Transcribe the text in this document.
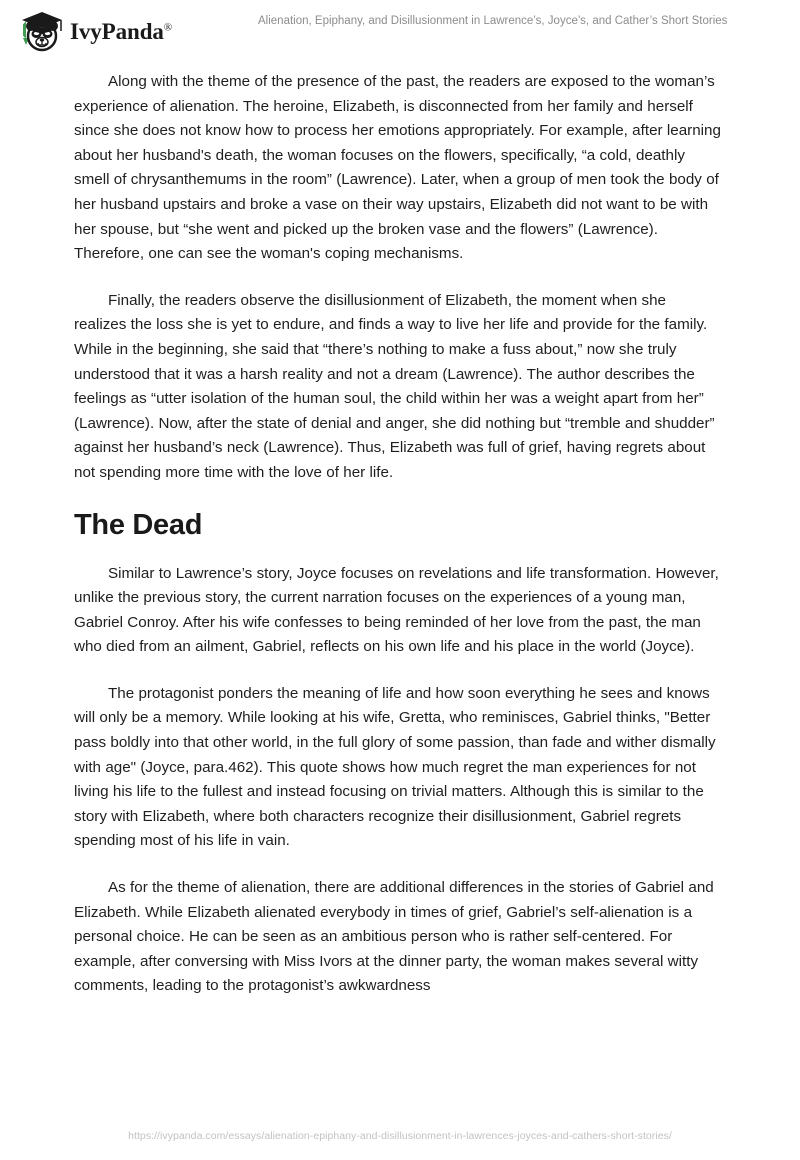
IvyPanda®	Alienation, Epiphany, and Disillusionment in Lawrence’s, Joyce’s, and Cather’s Short Stories

Along with the theme of the presence of the past, the readers are exposed to the woman’s experience of alienation. The heroine, Elizabeth, is disconnected from her family and herself since she does not know how to process her emotions appropriately. For example, after learning about her husband's death, the woman focuses on the flowers, specifically, “a cold, deathly smell of chrysanthemums in the room” (Lawrence). Later, when a group of men took the body of her husband upstairs and broke a vase on their way upstairs, Elizabeth did not want to be with her spouse, but “she went and picked up the broken vase and the flowers” (Lawrence). Therefore, one can see the woman's coping mechanisms.

Finally, the readers observe the disillusionment of Elizabeth, the moment when she realizes the loss she is yet to endure, and finds a way to live her life and provide for the family. While in the beginning, she said that “there’s nothing to make a fuss about,” now she truly understood that it was a harsh reality and not a dream (Lawrence). The author describes the feelings as “utter isolation of the human soul, the child within her was a weight apart from her” (Lawrence). Now, after the state of denial and anger, she did nothing but “tremble and shudder” against her husband’s neck (Lawrence). Thus, Elizabeth was full of grief, having regrets about not spending more time with the love of her life.

The Dead

Similar to Lawrence’s story, Joyce focuses on revelations and life transformation. However, unlike the previous story, the current narration focuses on the experiences of a young man, Gabriel Conroy. After his wife confesses to being reminded of her love from the past, the man who died from an ailment, Gabriel, reflects on his own life and his place in the world (Joyce).

The protagonist ponders the meaning of life and how soon everything he sees and knows will only be a memory. While looking at his wife, Gretta, who reminisces, Gabriel thinks, "Better pass boldly into that other world, in the full glory of some passion, than fade and wither dismally with age" (Joyce, para.462). This quote shows how much regret the man experiences for not living his life to the fullest and instead focusing on trivial matters. Although this is similar to the story with Elizabeth, where both characters recognize their disillusionment, Gabriel regrets spending most of his life in vain.

As for the theme of alienation, there are additional differences in the stories of Gabriel and Elizabeth. While Elizabeth alienated everybody in times of grief, Gabriel’s self-alienation is a personal choice. He can be seen as an ambitious person who is rather self-centered. For example, after conversing with Miss Ivors at the dinner party, the woman makes several witty comments, leading to the protagonist’s awkwardness

https://ivypanda.com/essays/alienation-epiphany-and-disillusionment-in-lawrences-joyces-and-cathers-short-stories/
